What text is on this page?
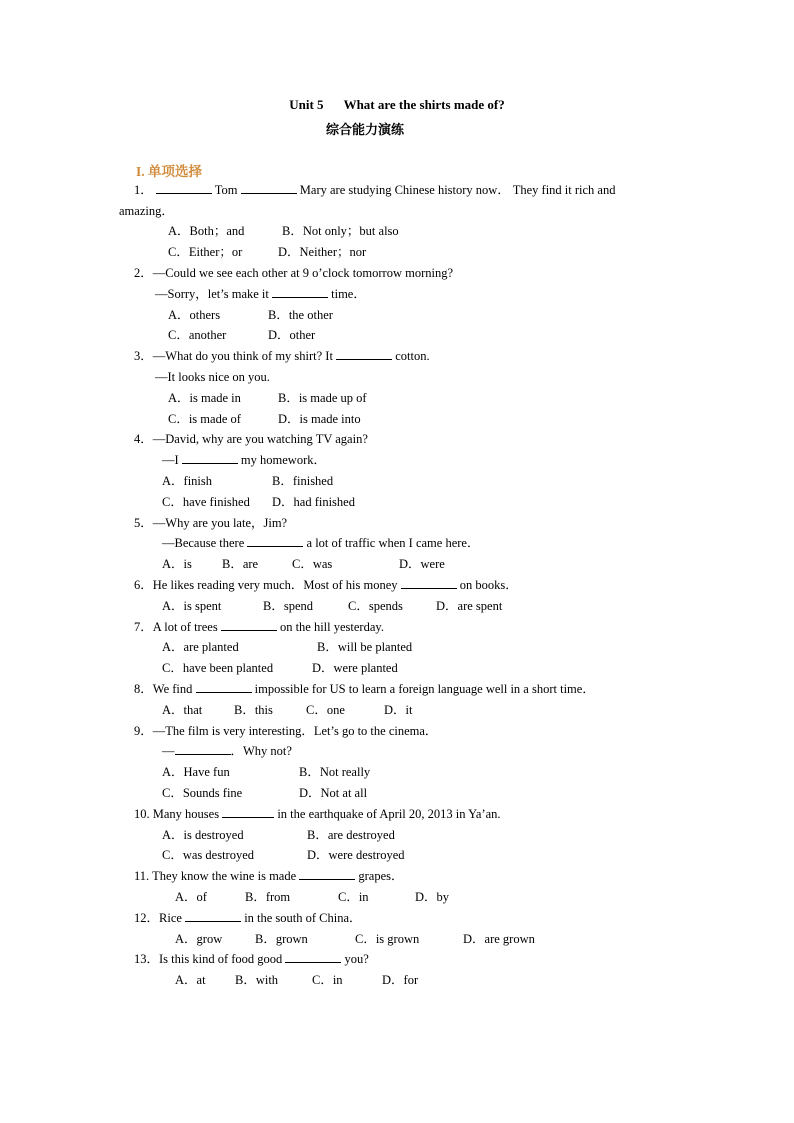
Unit 5 What are the shirts made of?
综合能力演练
I. 单项选择
1．	Tom	Mary are studying Chinese history now． They find it rich and
amazing．
A．Both；and	B．Not only；but also
C．Either；or	D．Neither；nor
2．—Could we see each other at 9 o’clock tomorrow morning?
—Sorry，let’s make it	time．
A．others	B．the other
C．another	D．other
3．—What do you think of my shirt? It	cotton.
—It looks nice on you.
A．is made in	B．is made up of
C．is made of	D．is made into
4．—David, why are you watching TV again?
—I	my homework．
A．finish	B．finished
C．have finished D．had finished
5．—Why are you late，Jim?
—Because there	a lot of traffic when I came here．
A．is B．are	C．was	D．were
6．He likes reading very much．Most of his money	on books．
A．is spent	B．spend	C．spends	D．are spent
7．A lot of trees	on the hill yesterday.
A．are planted	B．will be planted
C．have been planted	D．were planted
8．We find	impossible for US to learn a foreign language well in a short time．
A．that	B．this	C．one	D．it
9．—The film is very interesting．Let’s go to the cinema．
—	．Why not?
A．Have fun	B．Not really
C．Sounds fine	D．Not at all
10. Many houses	in the earthquake of April 20, 2013 in Ya’an.
A．is destroyed	B．are destroyed
C．was destroyed	D．were destroyed
11. They know the wine is made	grapes．
A．of	B．from	C．in	D．by
12．Rice	in the south of China．
A．grow	B．grown	C．is grown	D．are grown
13．Is this kind of food good	you?
A．at B．with	C．in	D．for
